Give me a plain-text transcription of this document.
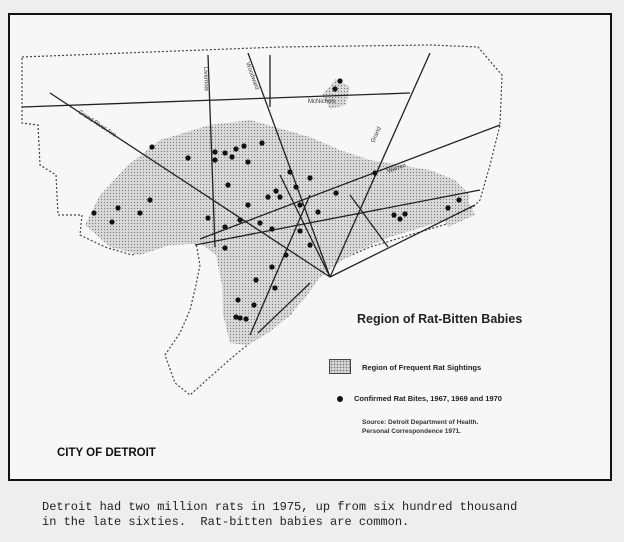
McNichols
Grand River Ave	Grand
Woodward
Livernois
Warren
Region of Rat-Bitten Babies
Region of Frequent Rat Sightings
Confirmed Rat Bites, 1967, 1969 and 1970
Source: Detroit Department of Health.
Personal Correspondence 1971.
CITY OF DETROIT
Detroit had two million rats in 1975, up from six hundred thousand
in the late sixties.  Rat-bitten babies are common.
